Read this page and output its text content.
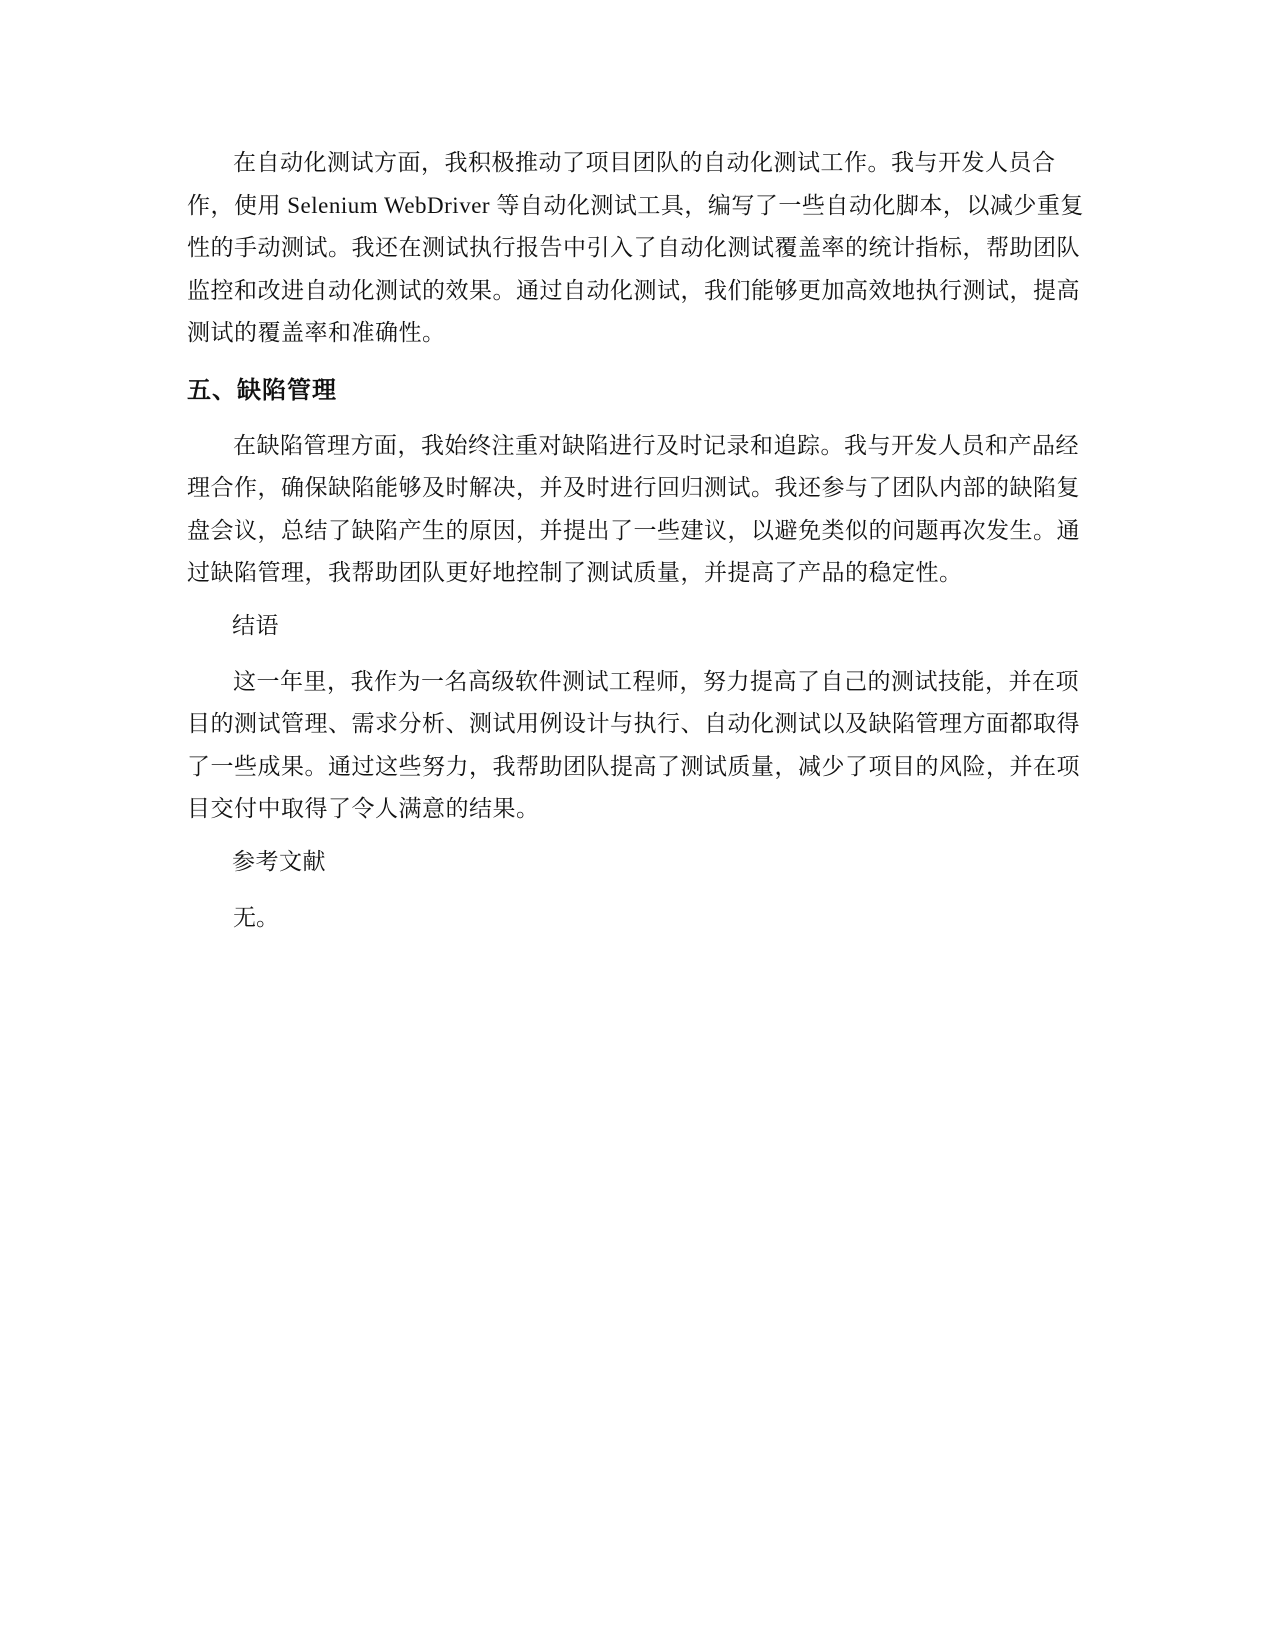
在自动化测试方面，我积极推动了项目团队的自动化测试工作。我与开发人员合作，使用 Selenium WebDriver 等自动化测试工具，编写了一些自动化脚本，以减少重复性的手动测试。我还在测试执行报告中引入了自动化测试覆盖率的统计指标，帮助团队监控和改进自动化测试的效果。通过自动化测试，我们能够更加高效地执行测试，提高测试的覆盖率和准确性。

五、缺陷管理

在缺陷管理方面，我始终注重对缺陷进行及时记录和追踪。我与开发人员和产品经理合作，确保缺陷能够及时解决，并及时进行回归测试。我还参与了团队内部的缺陷复盘会议，总结了缺陷产生的原因，并提出了一些建议，以避免类似的问题再次发生。通过缺陷管理，我帮助团队更好地控制了测试质量，并提高了产品的稳定性。

结语

这一年里，我作为一名高级软件测试工程师，努力提高了自己的测试技能，并在项目的测试管理、需求分析、测试用例设计与执行、自动化测试以及缺陷管理方面都取得了一些成果。通过这些努力，我帮助团队提高了测试质量，减少了项目的风险，并在项目交付中取得了令人满意的结果。

参考文献

无。
